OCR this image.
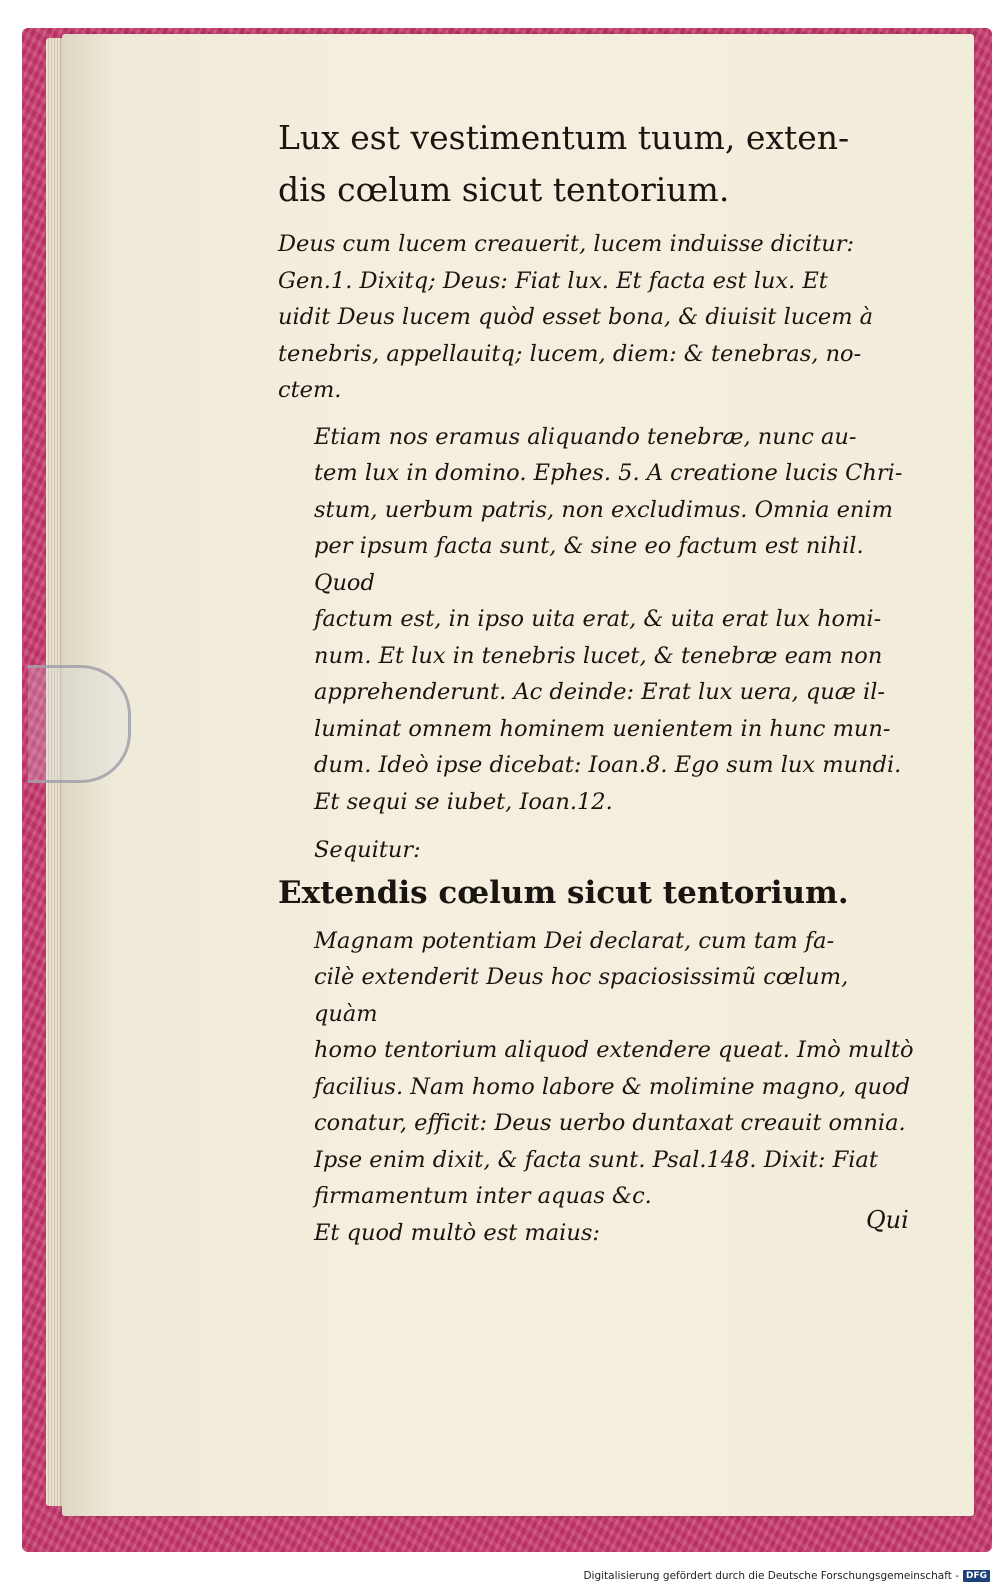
Lux est vestimentum tuum, exten-
dis cœlum sicut tentorium.

Deus cum lucem creauerit, lucem induisse dicitur:
Gen.1. Dixitq; Deus: Fiat lux. Et facta est lux. Et
uidit Deus lucem quòd esset bona, & diuisit lucem à
tenebris, appellauitq; lucem, diem: & tenebras, no-
ctem.

Etiam nos eramus aliquando tenebræ, nunc au-
tem lux in domino. Ephes. 5. A creatione lucis Chri-
stum, uerbum patris, non excludimus. Omnia enim
per ipsum facta sunt, & sine eo factum est nihil. Quod
factum est, in ipso uita erat, & uita erat lux homi-
num. Et lux in tenebris lucet, & tenebræ eam non
apprehenderunt. Ac deinde: Erat lux uera, quæ il-
luminat omnem hominem uenientem in hunc mun-
dum. Ideò ipse dicebat: Ioan.8. Ego sum lux mundi.
Et sequi se iubet, Ioan.12.

Sequitur:

Extendis cœlum sicut tentorium.

Magnam potentiam Dei declarat, cum tam fa-
cilè extenderit Deus hoc spaciosissimũ cœlum, quàm
homo tentorium aliquod extendere queat. Imò multò
facilius. Nam homo labore & molimine magno, quod
conatur, efficit: Deus uerbo duntaxat creauit omnia.
Ipse enim dixit, & facta sunt. Psal.148. Dixit: Fiat
firmamentum inter aquas &c.

Et quod multò est maius:	Qui
Digitalisierung gefördert durch die Deutsche Forschungsgemeinschaft - DFG
